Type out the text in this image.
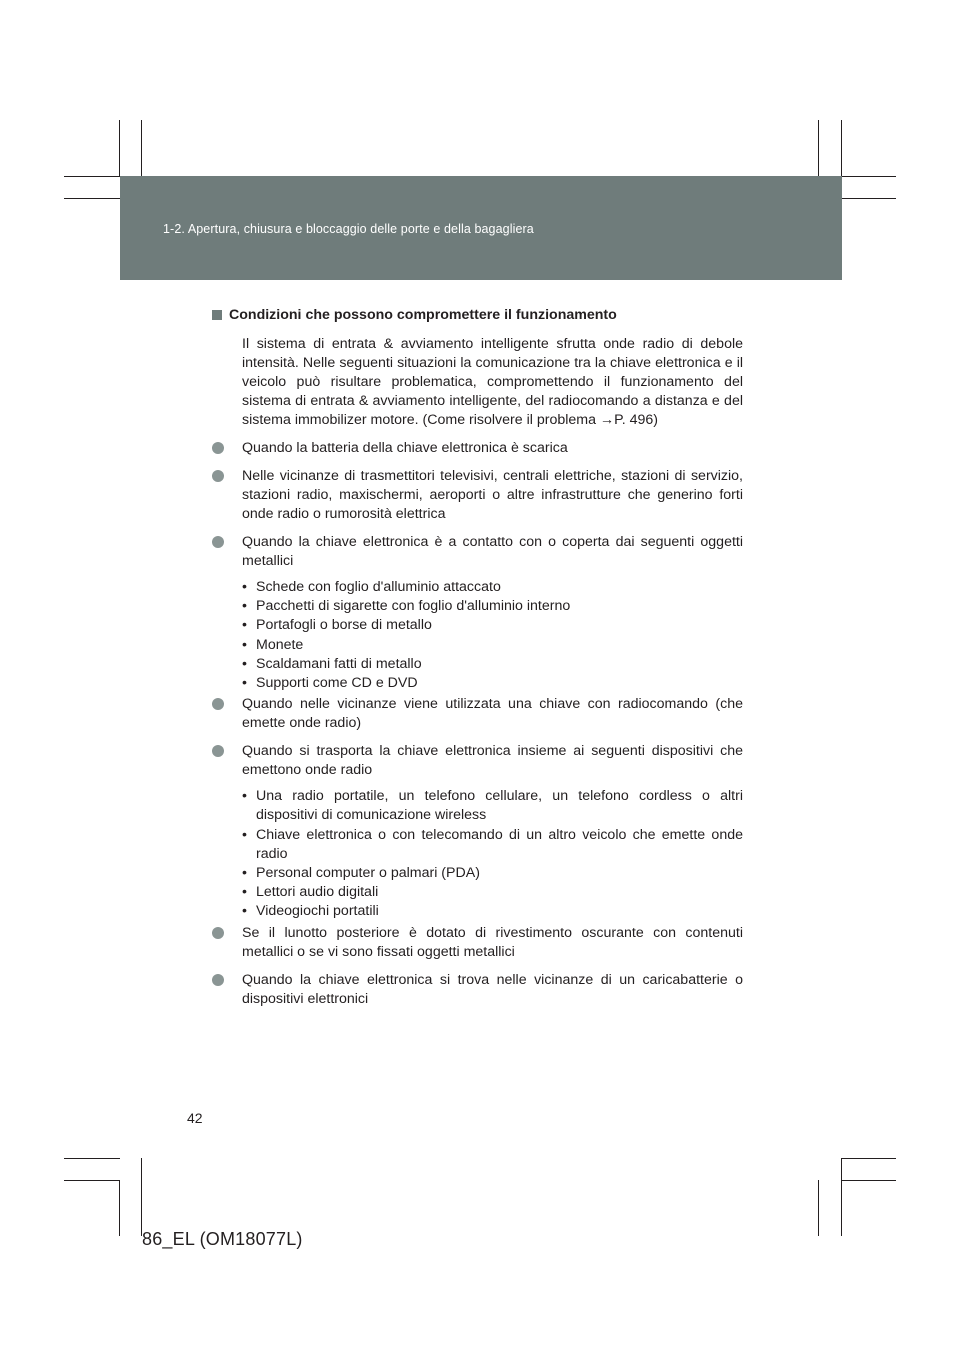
1-2. Apertura, chiusura e bloccaggio delle porte e della bagagliera
Condizioni che possono compromettere il funzionamento
Il sistema di entrata & avviamento intelligente sfrutta onde radio di debole intensità. Nelle seguenti situazioni la comunicazione tra la chiave elettronica e il veicolo può risultare problematica, compromettendo il funzionamento del sistema di entrata & avviamento intelligente, del radiocomando a distanza e del sistema immobilizer motore. (Come risolvere il problema →P. 496)
Quando la batteria della chiave elettronica è scarica
Nelle vicinanze di trasmettitori televisivi, centrali elettriche, stazioni di servizio, stazioni radio, maxischermi, aeroporti o altre infrastrutture che generino forti onde radio o rumorosità elettrica
Quando la chiave elettronica è a contatto con o coperta dai seguenti oggetti metallici
• Schede con foglio d'alluminio attaccato
• Pacchetti di sigarette con foglio d'alluminio interno
• Portafogli o borse di metallo
• Monete
• Scaldamani fatti di metallo
• Supporti come CD e DVD
Quando nelle vicinanze viene utilizzata una chiave con radiocomando (che emette onde radio)
Quando si trasporta la chiave elettronica insieme ai seguenti dispositivi che emettono onde radio
• Una radio portatile, un telefono cellulare, un telefono cordless o altri dispositivi di comunicazione wireless
• Chiave elettronica o con telecomando di un altro veicolo che emette onde radio
• Personal computer o palmari (PDA)
• Lettori audio digitali
• Videogiochi portatili
Se il lunotto posteriore è dotato di rivestimento oscurante con contenuti metallici o se vi sono fissati oggetti metallici
Quando la chiave elettronica si trova nelle vicinanze di un caricabatterie o dispositivi elettronici
42
86_EL (OM18077L)
